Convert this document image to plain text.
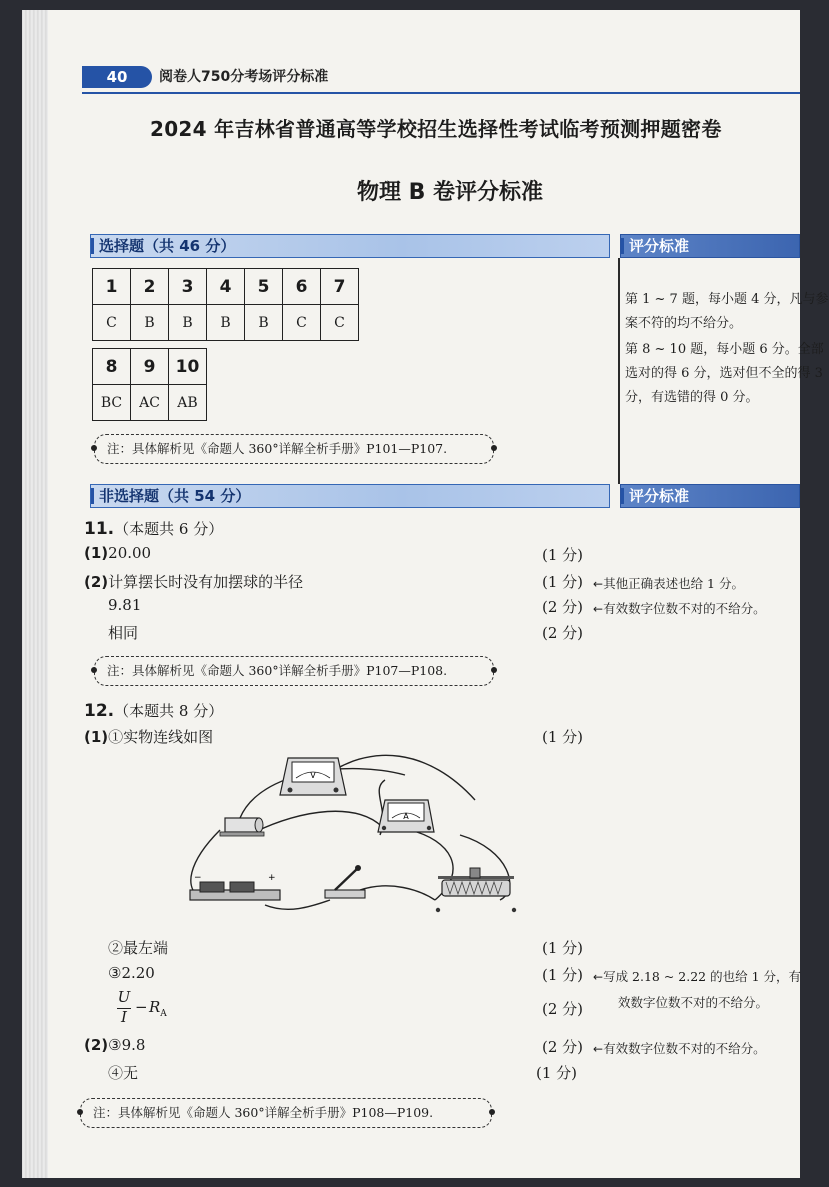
40	阅卷人750分考场评分标准
2024 年吉林省普通高等学校招生选择性考试临考预测押题密卷
物理 B 卷评分标准
选择题（共 46 分）	评分标准
1	2	3	4	5	6	7
C	B	B	B	B	C	C
8	9	10
BC	AC	AB
注：具体解析见《命题人 360°详解全析手册》P101—P107.
第 1 ~ 7 题，每小题 4 分，凡与参
案不符的均不给分。
第 8 ~ 10 题，每小题 6 分。全部
选对的得 6 分，选对但不全的得 3
分，有选错的得 0 分。
非选择题（共 54 分）	评分标准
11.（本题共 6 分）
(1)20.00	(1 分)
(2)计算摆长时没有加摆球的半径	(1 分) ←其他正确表述也给 1 分。
9.81	(2 分) ←有效数字位数不对的不给分。
相同	(2 分)
注：具体解析见《命题人 360°详解全析手册》P107—P108.
12.（本题共 8 分）
(1)①实物连线如图	(1 分)
V
A
+
−
②最左端	(1 分)
③2.20	(1 分) ←写成 2.18 ~ 2.22 的也给 1 分，有
效数字位数不对的不给分。
U
I
− $R_A$	(2 分)
(2)③9.8	(2 分) ←有效数字位数不对的不给分。
④无	(1 分)
注：具体解析见《命题人 360°详解全析手册》P108—P109.
